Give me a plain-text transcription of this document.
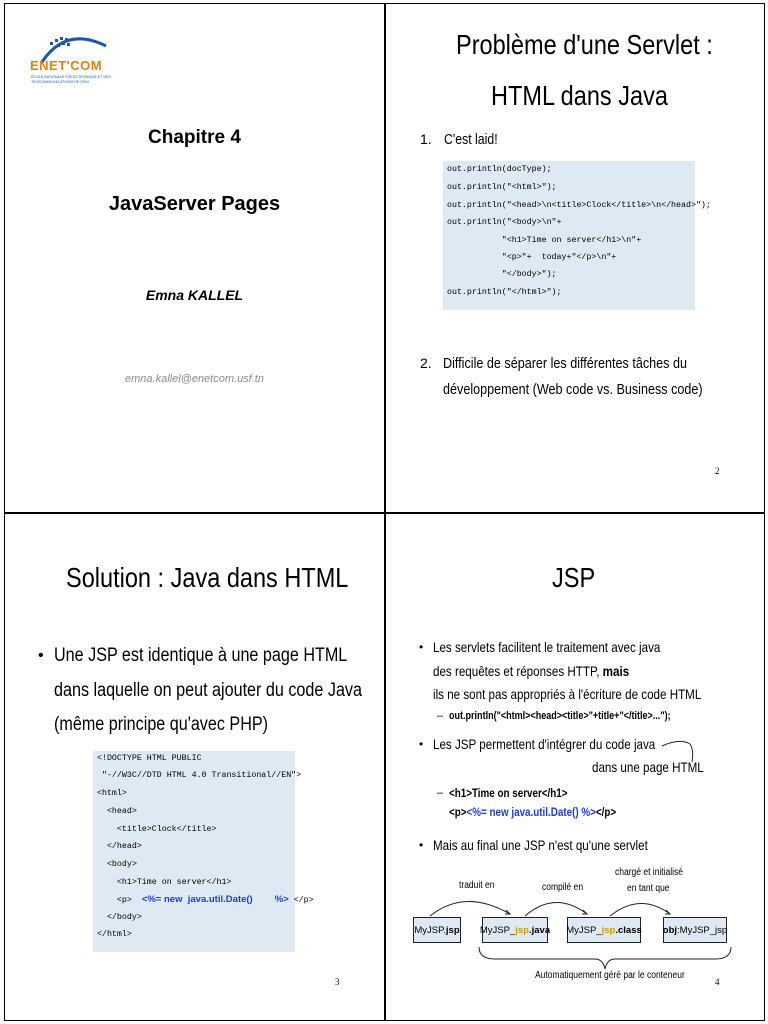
ENET'COM
ÉCOLE NATIONALE D'ÉLECTRONIQUE ET DES
TÉLÉCOMMUNICATIONS DE SFAX
Chapitre 4
JavaServer Pages
Emna KALLEL
emna.kallel@enetcom.usf.tn
Problème d'une Servlet :
HTML dans Java
1. C'est laid!
out.println(docType);
out.println("<html>");
out.println("<head>\n<title>Clock</title>\n</head>");
out.println("<body>\n"+
"<h1>Time on server</h1>\n"+
"<p>"+  today+"</p>\n"+
"</body>");
out.println("</html>");
2. Difficile de séparer les différentes tâches du
développement (Web code vs. Business code)
2
Solution : Java dans HTML
• Une JSP est identique à une page HTML
dans laquelle on peut ajouter du code Java
(même principe qu'avec PHP)
<!DOCTYPE HTML PUBLIC
"-//W3C//DTD HTML 4.0 Transitional//EN">
<html>
<head>
<title>Clock</title>
</head>
<body>
<h1>Time on server</h1>
<p>  <%= new  java.util.Date() %> </p>
</body>
</html>
3
JSP
• Les servlets facilitent le traitement avec java
des requêtes et réponses HTTP, mais
ils ne sont pas appropriés à l'écriture de code HTML
– out.println("<html><head><title>"+title+"</title>...");
• Les JSP permettent d'intégrer du code java
dans une page HTML
– <h1>Time on server</h1>
<p><%= new java.util.Date() %></p>
• Mais au final une JSP n'est qu'une servlet
traduit en	compilé en
chargé et initialisé
en tant que
MyJSP. jsp MyJSP_ jsp .java MyJSP_ jsp .class obj :MyJSP_jsp
Automatiquement géré par le conteneur
4
